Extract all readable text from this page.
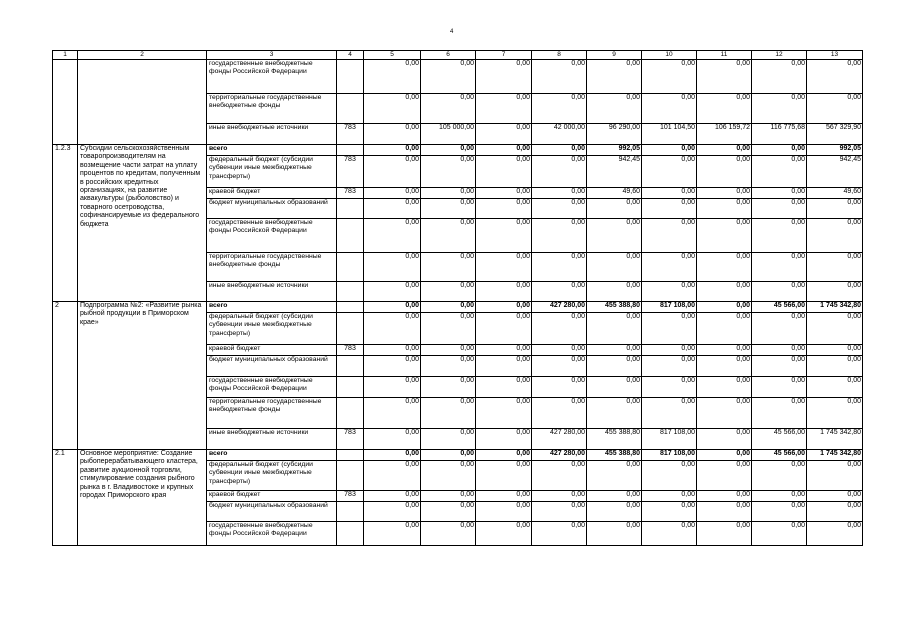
4
1	2	3	4	5	6	7	8	9	10	11	12	13
		государственные внебюджетные фонды Российской Федерации		0,00	0,00	0,00	0,00	0,00	0,00	0,00	0,00	0,00
		территориальные государственные внебюджетные фонды		0,00	0,00	0,00	0,00	0,00	0,00	0,00	0,00	0,00
		иные внебюджетные источники	783	0,00	105 000,00	0,00	42 000,00	96 290,00	101 104,50	106 159,72	116 775,68	567 329,90
1.2.3	Субсидии сельскохозяйственным товаропроизводителям на возмещение части затрат на уплату процентов по кредитам, полученным в российских кредитных организациях, на развитие аквакультуры (рыболовство) и товарного осетроводства, софинансируемые из федерального бюджета	всего		0,00	0,00	0,00	0,00	992,05	0,00	0,00	0,00	992,05
		федеральный бюджет (субсидии субвенции иные межбюджетные трансферты)	783	0,00	0,00	0,00	0,00	942,45	0,00	0,00	0,00	942,45
		краевой бюджет	783	0,00	0,00	0,00	0,00	49,60	0,00	0,00	0,00	49,60
		бюджет муниципальных образований		0,00	0,00	0,00	0,00	0,00	0,00	0,00	0,00	0,00
		государственные внебюджетные фонды Российской Федерации		0,00	0,00	0,00	0,00	0,00	0,00	0,00	0,00	0,00
		территориальные государственные внебюджетные фонды		0,00	0,00	0,00	0,00	0,00	0,00	0,00	0,00	0,00
		иные внебюджетные источники		0,00	0,00	0,00	0,00	0,00	0,00	0,00	0,00	0,00
2	Подпрограмма №2: «Развитие рынка рыбной продукции в Приморском крае»	всего		0,00	0,00	0,00	427 280,00	455 388,80	817 108,00	0,00	45 566,00	1 745 342,80
		федеральный бюджет (субсидии субвенции иные межбюджетные трансферты)		0,00	0,00	0,00	0,00	0,00	0,00	0,00	0,00	0,00
		краевой бюджет	783	0,00	0,00	0,00	0,00	0,00	0,00	0,00	0,00	0,00
		бюджет муниципальных образований		0,00	0,00	0,00	0,00	0,00	0,00	0,00	0,00	0,00
		государственные внебюджетные фонды Российской Федерации		0,00	0,00	0,00	0,00	0,00	0,00	0,00	0,00	0,00
		территориальные государственные внебюджетные фонды		0,00	0,00	0,00	0,00	0,00	0,00	0,00	0,00	0,00
		иные внебюджетные источники	783	0,00	0,00	0,00	427 280,00	455 388,80	817 108,00	0,00	45 566,00	1 745 342,80
2.1	Основное мероприятие: Создание рыбоперерабатывающего кластера, развитие аукционной торговли, стимулирование создания рыбного рынка в г. Владивостоке и крупных городах Приморского края	всего		0,00	0,00	0,00	427 280,00	455 388,80	817 108,00	0,00	45 566,00	1 745 342,80
		федеральный бюджет (субсидии субвенции иные межбюджетные трансферты)		0,00	0,00	0,00	0,00	0,00	0,00	0,00	0,00	0,00
		краевой бюджет	783	0,00	0,00	0,00	0,00	0,00	0,00	0,00	0,00	0,00
		бюджет муниципальных образований		0,00	0,00	0,00	0,00	0,00	0,00	0,00	0,00	0,00
		государственные внебюджетные фонды Российской Федерации		0,00	0,00	0,00	0,00	0,00	0,00	0,00	0,00	0,00
